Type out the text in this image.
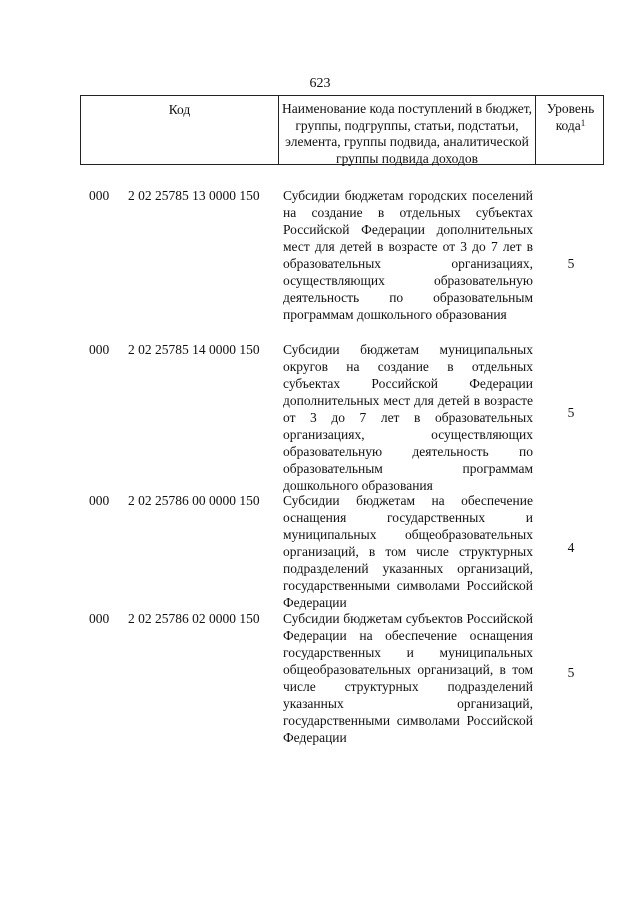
623
Код	Наименование кода поступлений в бюджет, группы, подгруппы, статьи, подстатьи, элемента, группы подвида, аналитической группы подвида доходов
Уровень кода$^1$
000 2 02 25785 13 0000 150 Субсидии бюджетам городских поселений на создание в отдельных субъектах Российской Федерации дополнительных мест для детей в возрасте от 3 до 7 лет в образовательных организациях, осуществляющих образовательную деятельность по образовательным программам дошкольного образования
5
000 2 02 25785 14 0000 150 Субсидии бюджетам муниципальных округов на создание в отдельных субъектах Российской Федерации дополнительных мест для детей в возрасте от 3 до 7 лет в образовательных организациях, осуществляющих образовательную деятельность по образовательным программам дошкольного образования
5
000 2 02 25786 00 0000 150 Субсидии бюджетам на обеспечение оснащения государственных и муниципальных общеобразовательных организаций, в том числе структурных подразделений указанных организаций, государственными символами Российской Федерации
4
000 2 02 25786 02 0000 150 Субсидии бюджетам субъектов Российской Федерации на обеспечение оснащения государственных и муниципальных общеобразовательных организаций, в том числе структурных подразделений указанных организаций, государственными символами Российской Федерации
5
